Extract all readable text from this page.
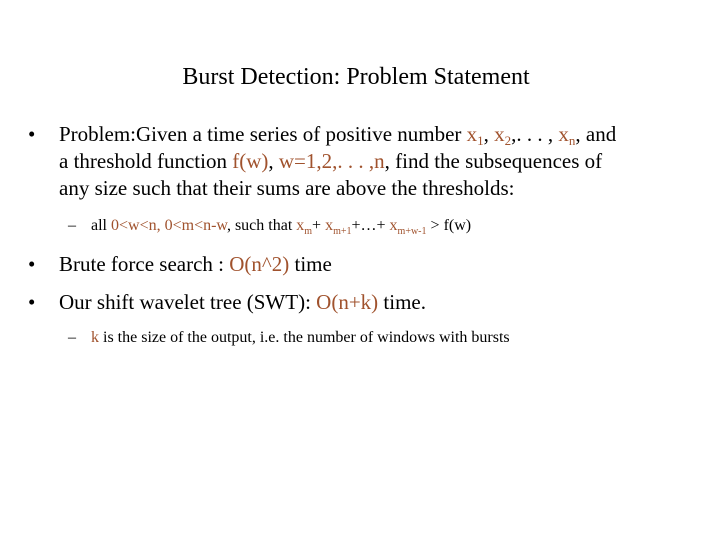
Burst Detection: Problem Statement
• Problem:Given a time series of positive number $x_1$, $x_2$,. . . , $x_n$, and
a threshold function f(w), w=1,2,. . . ,n, find the subsequences of
any size such that their sums are above the thresholds:
– all 0<w<n, 0<m<n-w, such that $x_m+$ $x_{m+1}+\dots+ x_{m+w-1} > f(w)$
• Brute force search : O(n^2) time
• Our shift wavelet tree (SWT): O(n+k) time.
– k is the size of the output, i.e. the number of windows with bursts
